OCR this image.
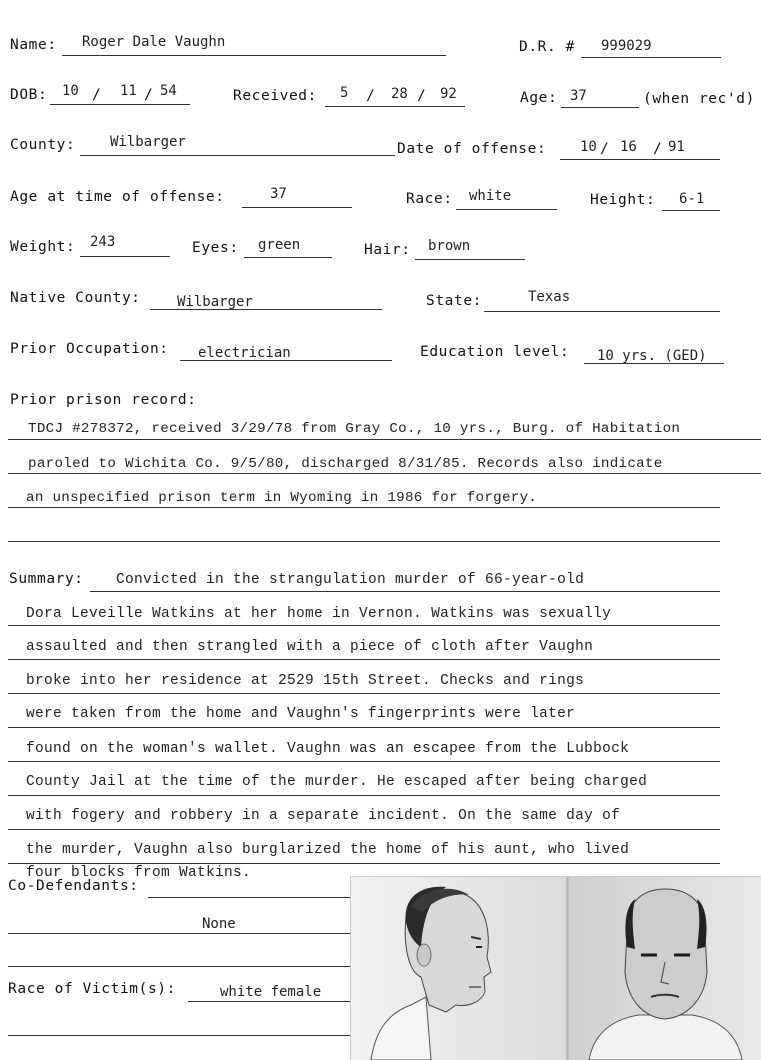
Name: Roger Dale Vaughn	D.R. # 999029
DOB: 10 / 11 / 54	Received: 5 / 28 / 92	Age: 37	(when rec'd)
County: Wilbarger	Date of offense: 10 / 16 / 91
Age at time of offense:	37	Race: white	Height: 6-1
Weight: 243	Eyes: green	Hair: brown
Native County:	Wilbarger	State:	Texas
Prior Occupation: electrician	Education level: 10 yrs. (GED)
Prior prison record:
TDCJ #278372, received 3/29/78 from Gray Co., 10 yrs., Burg. of Habitation
paroled to Wichita Co. 9/5/80, discharged 8/31/85. Records also indicate
an unspecified prison term in Wyoming in 1986 for forgery.
Summary: Convicted in the strangulation murder of 66-year-old
Dora Leveille Watkins at her home in Vernon. Watkins was sexually
assaulted and then strangled with a piece of cloth after Vaughn
broke into her residence at 2529 15th Street. Checks and rings
were taken from the home and Vaughn's fingerprints were later
found on the woman's wallet. Vaughn was an escapee from the Lubbock
County Jail at the time of the murder. He escaped after being charged
with fogery and robbery in a separate incident. On the same day of
the murder, Vaughn also burglarized the home of his aunt, who lived
four blocks from Watkins.
Co-Defendants:
None
Race of Victim(s):	white female
